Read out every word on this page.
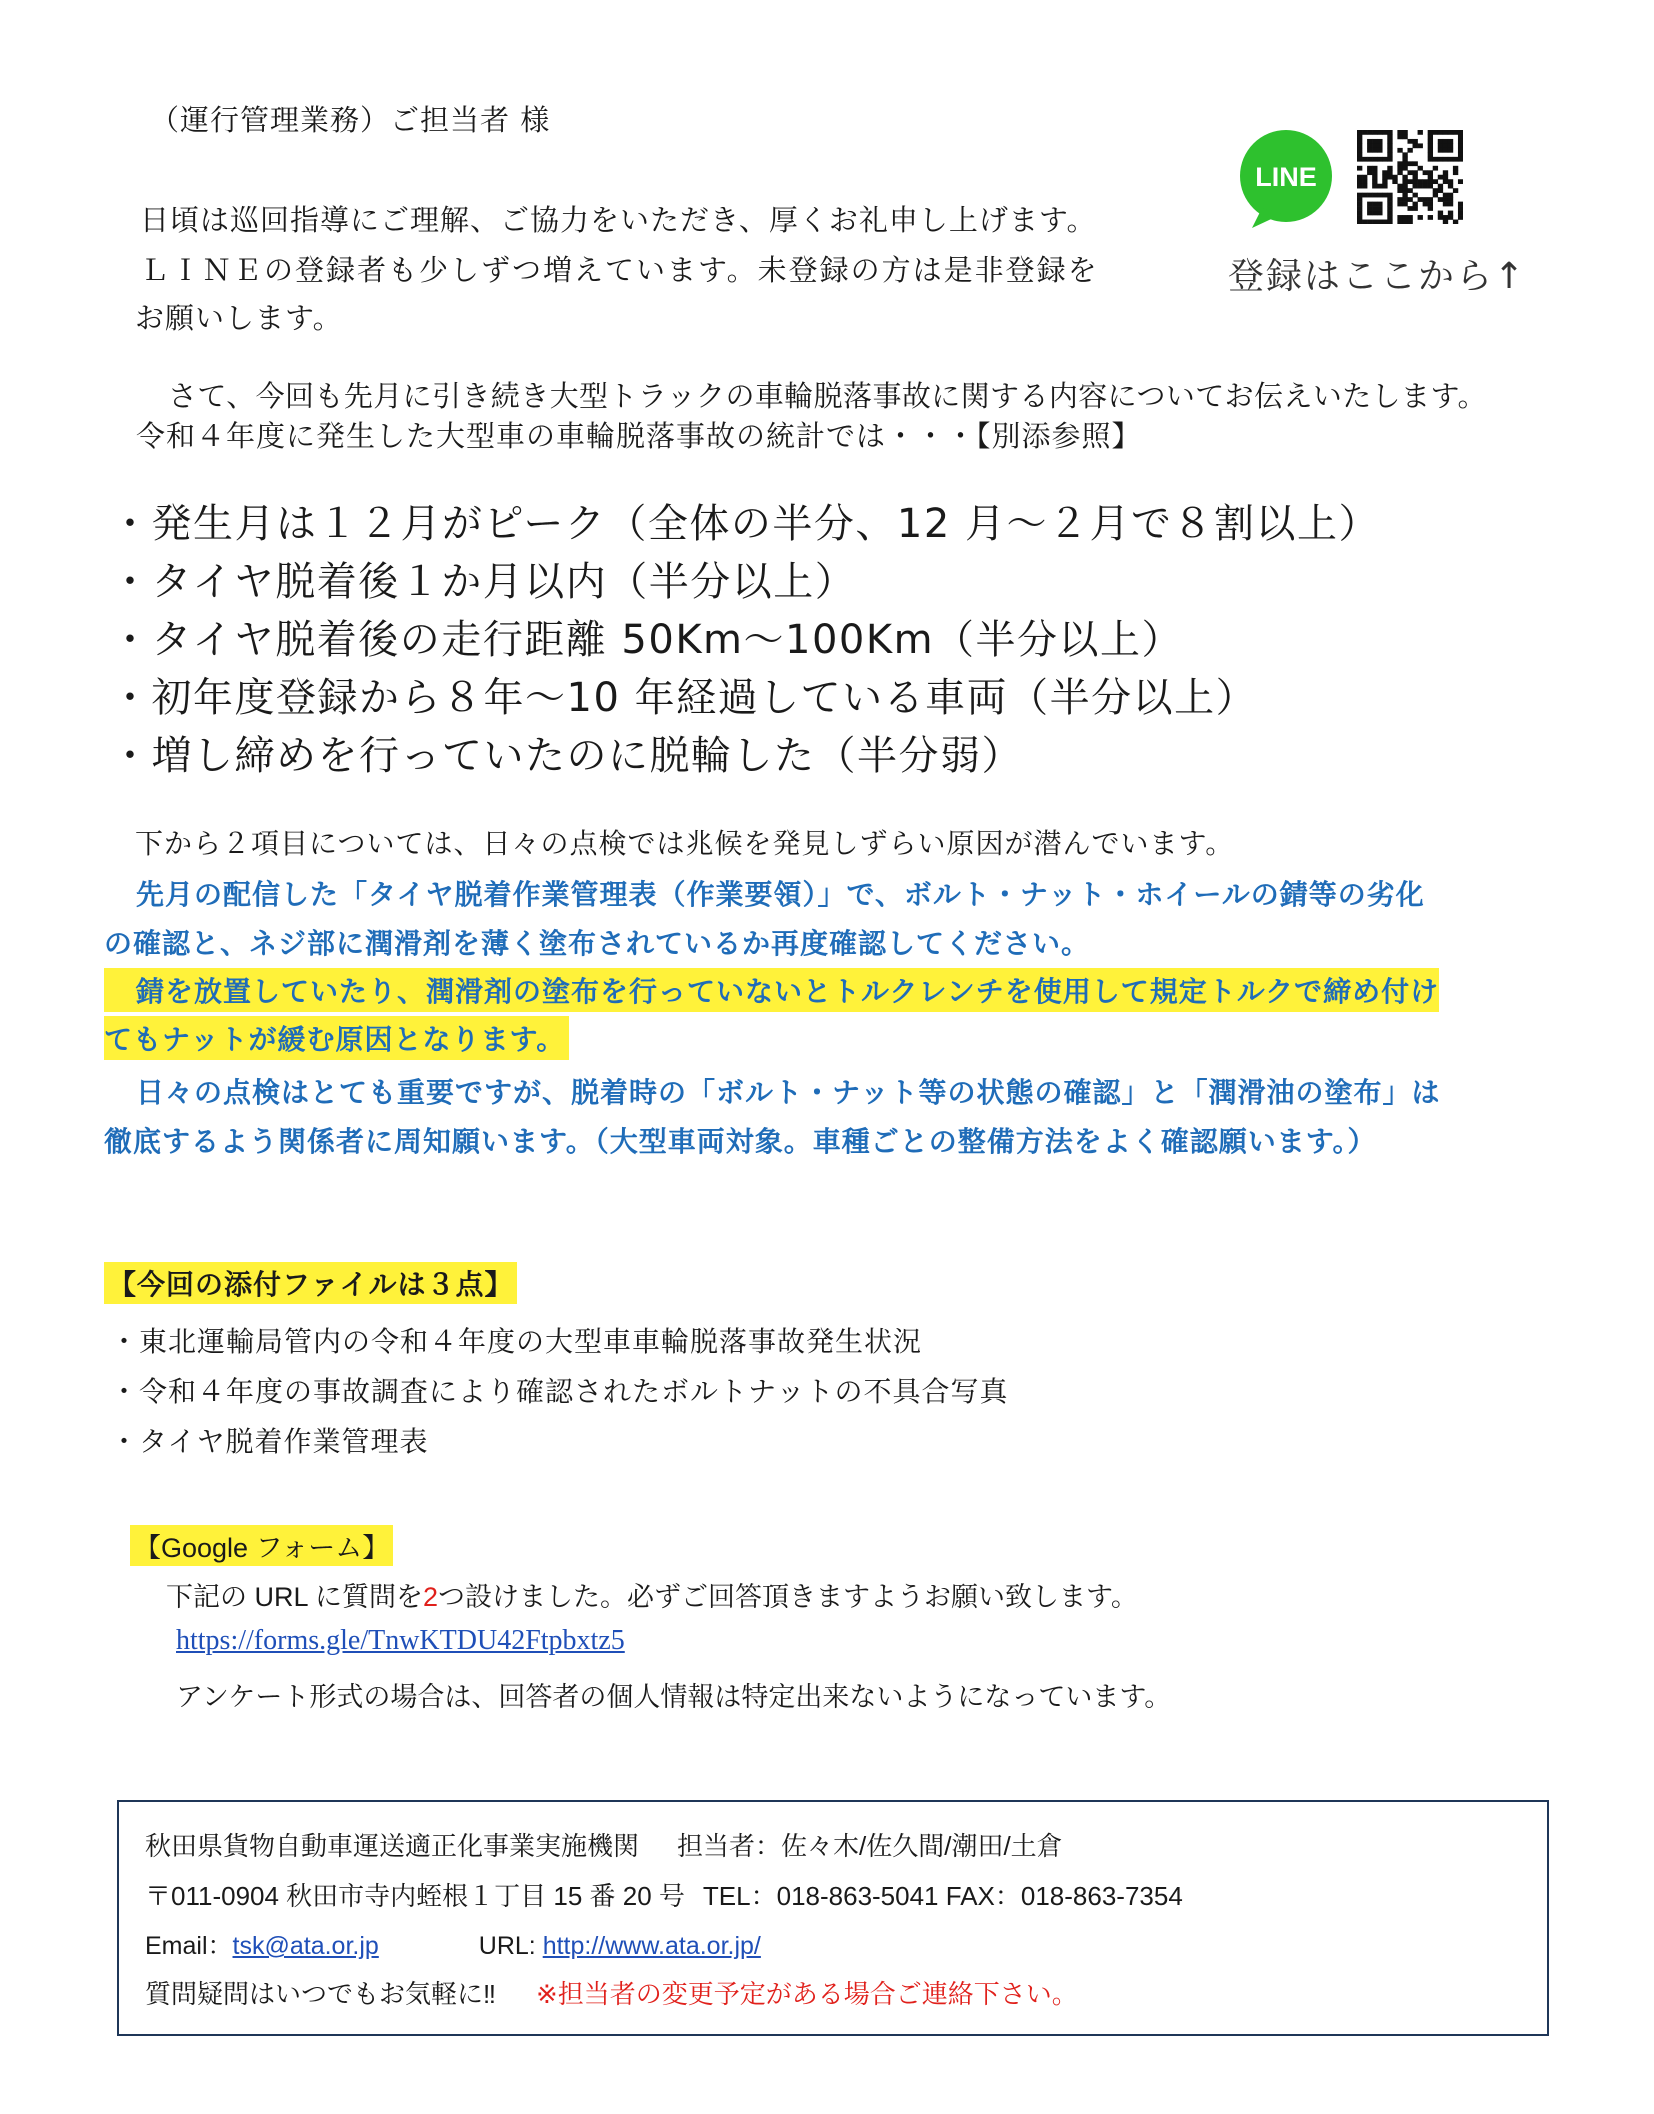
（運行管理業務）ご担当者 様
LINE
登録はここから↑
日頃は巡回指導にご理解、ご協力をいただき、厚くお礼申し上げます。
ＬＩＮＥの登録者も少しずつ増えています。未登録の方は是非登録を
お願いします。
さて、今回も先月に引き続き大型トラックの車輪脱落事故に関する内容についてお伝えいたします。
令和４年度に発生した大型車の車輪脱落事故の統計では・・・【別添参照】
・発生月は１２月がピーク（全体の半分、12 月～２月で８割以上）
・タイヤ脱着後１か月以内（半分以上）
・タイヤ脱着後の走行距離 50Km～100Km（半分以上）
・初年度登録から８年～10 年経過している車両（半分以上）
・増し締めを行っていたのに脱輪した（半分弱）
下から２項目については、日々の点検では兆候を発見しずらい原因が潜んでいます。
先月の配信した「タイヤ脱着作業管理表（作業要領）」で、ボルト・ナット・ホイールの錆等の劣化
の確認と、ネジ部に潤滑剤を薄く塗布されているか再度確認してください。
錆を放置していたり、潤滑剤の塗布を行っていないとトルクレンチを使用して規定トルクで締め付け
てもナットが緩む原因となります。
日々の点検はとても重要ですが、脱着時の「ボルト・ナット等の状態の確認」と「潤滑油の塗布」は
徹底するよう関係者に周知願います。（大型車両対象。車種ごとの整備方法をよく確認願います。）
【今回の添付ファイルは３点】
・東北運輸局管内の令和４年度の大型車車輪脱落事故発生状況
・令和４年度の事故調査により確認されたボルトナットの不具合写真
・タイヤ脱着作業管理表
【Google フォーム】
下記の URL に質問を2つ設けました。必ずご回答頂きますようお願い致します。
https://forms.gle/TnwKTDU42Ftpbxtz5
アンケート形式の場合は、回答者の個人情報は特定出来ないようになっています。
秋田県貨物自動車運送適正化事業実施機関 担当者：佐々木/佐久間/潮田/土倉
〒011-0904 秋田市寺内蛭根１丁目 15 番 20 号 TEL：018-863-5041 FAX：018-863-7354
Email：tsk@ata.or.jp	URL: http://www.ata.or.jp/
質問疑問はいつでもお気軽に‼ ※担当者の変更予定がある場合ご連絡下さい。
